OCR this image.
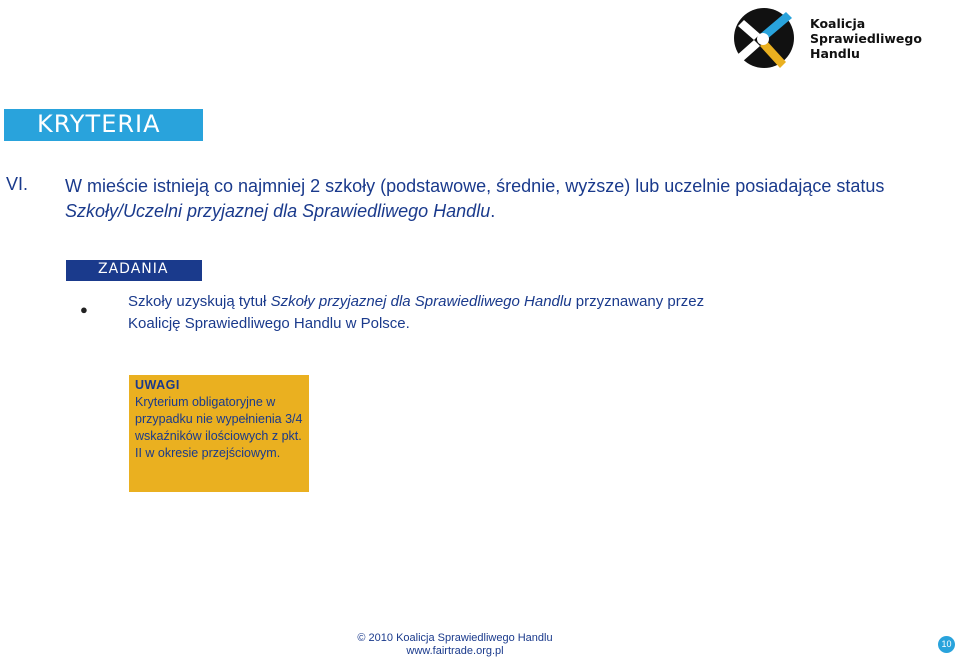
Koalicja
Sprawiedliwego
Handlu
KRYTERIA
VI. W mieście istnieją co najmniej 2 szkoły (podstawowe, średnie, wyższe) lub uczelnie posiadające status Szkoły/Uczelni przyjaznej dla Sprawiedliwego Handlu.
ZADANIA
●	Szkoły uzyskują tytuł Szkoły przyjaznej dla Sprawiedliwego Handlu przyznawany przez Koalicję Sprawiedliwego Handlu w Polsce.
UWAGI
Kryterium obligatoryjne w przypadku nie wypełnienia 3/4 wskaźników ilościowych z pkt. II w okresie przejściowym.
© 2010 Koalicja Sprawiedliwego Handlu
www.fairtrade.org.pl
10
